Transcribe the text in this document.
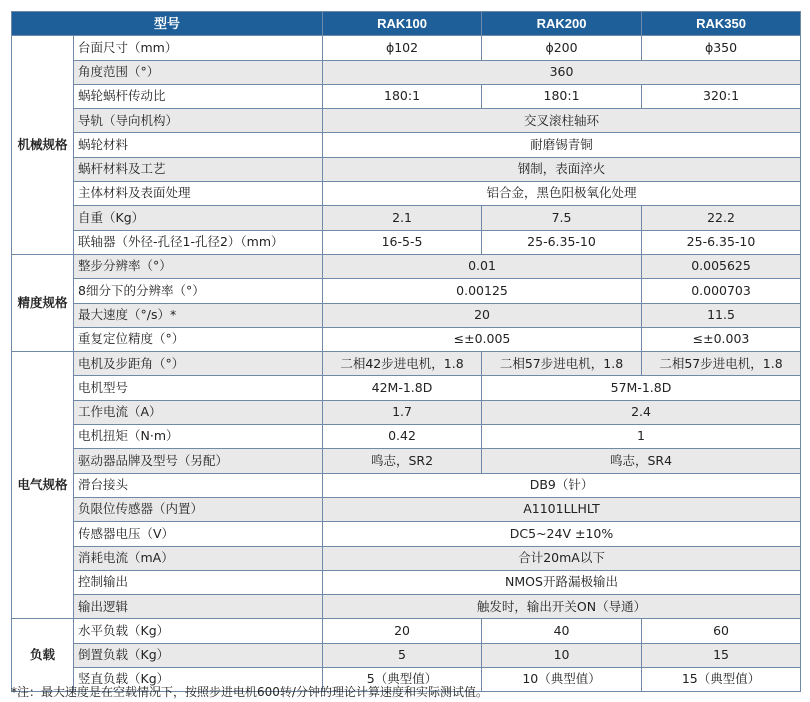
型号		RAK100	RAK200	RAK350
机械规格	台面尺寸（mm）	ϕ102	ϕ200	ϕ350
	角度范围（°）	360		
	蜗轮蜗杆传动比	180:1	180:1	320:1
	导轨（导向机构）	交叉滚柱轴环		
	蜗轮材料	耐磨锡青铜		
	蜗杆材料及工艺	钢制，表面淬火		
	主体材料及表面处理	铝合金，黑色阳极氧化处理		
	自重（Kg）	2.1	7.5	22.2
	联轴器（外径-孔径1-孔径2）（mm）	16-5-5	25-6.35-10	25-6.35-10
精度规格	整步分辨率（°）	0.01		0.005625
	8细分下的分辨率（°）	0.00125		0.000703
	最大速度（°/s）*	20		11.5
	重复定位精度（°）	≤±0.005		≤±0.003
电气规格	电机及步距角（°）	二相42步进电机，1.8	二相57步进电机，1.8	二相57步进电机，1.8
	电机型号	42M-1.8D	57M-1.8D	
	工作电流（A）	1.7	2.4	
	电机扭矩（N·m）	0.42	1	
	驱动器品牌及型号（另配）	鸣志，SR2	鸣志，SR4	
	滑台接头	DB9（针）		
	负限位传感器（内置）	A1101LLHLT		
	传感器电压（V）	DC5~24V ±10%		
	消耗电流（mA）	合计20mA以下		
	控制输出	NMOS开路漏极输出		
	输出逻辑	触发时，输出开关ON（导通）		
负载	水平负载（Kg）	20	40	60
	倒置负载（Kg）	5	10	15
	竖直负载（Kg）	5（典型值）	10（典型值）	15（典型值）
*注：最大速度是在空载情况下，按照步进电机600转/分钟的理论计算速度和实际测试值。
